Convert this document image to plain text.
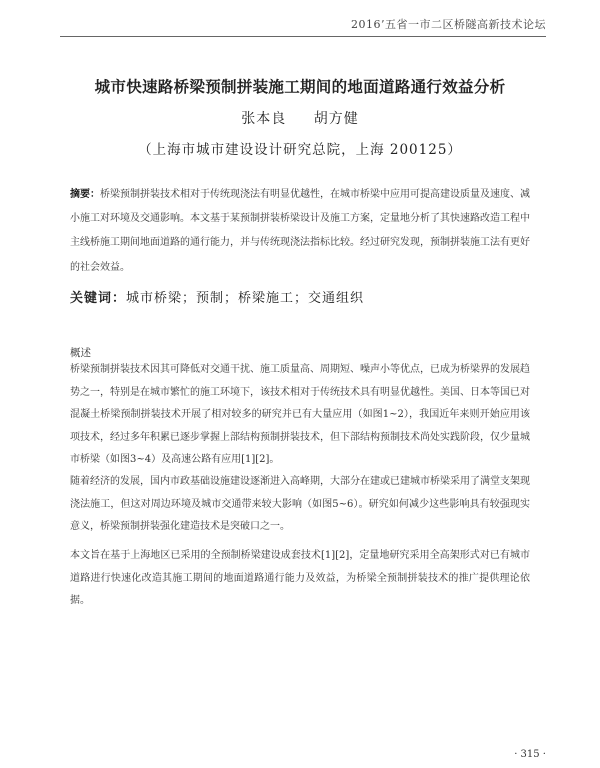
2016’五省一市二区桥隧高新技术论坛
城市快速路桥梁预制拼装施工期间的地面道路通行效益分析
张本良 胡方健
（上海市城市建设设计研究总院，上海 200125）
摘要：桥梁预制拼装技术相对于传统现浇法有明显优越性，在城市桥梁中应用可提高建设质量及速度、减小施工对环境及交通影响。本文基于某预制拼装桥梁设计及施工方案，定量地分析了其快速路改造工程中主线桥施工期间地面道路的通行能力，并与传统现浇法指标比较。经过研究发现，预制拼装施工法有更好的社会效益。
关键词：城市桥梁；预制；桥梁施工；交通组织
概述

桥梁预制拼装技术因其可降低对交通干扰、施工质量高、周期短、噪声小等优点，已成为桥梁界的发展趋势之一，特别是在城市繁忙的施工环境下，该技术相对于传统技术具有明显优越性。美国、日本等国已对混凝土桥梁预制拼装技术开展了相对较多的研究并已有大量应用（如图1~2），我国近年来则开始应用该项技术，经过多年积累已逐步掌握上部结构预制拼装技术，但下部结构预制技术尚处实践阶段，仅少量城市桥梁（如图3~4）及高速公路有应用[1][2]。

随着经济的发展，国内市政基础设施建设逐渐进入高峰期，大部分在建或已建城市桥梁采用了满堂支架现浇法施工，但这对周边环境及城市交通带来较大影响（如图5~6）。研究如何减少这些影响具有较强现实意义，桥梁预制拼装强化建造技术是突破口之一。

本文旨在基于上海地区已采用的全预制桥梁建设成套技术[1][2]，定量地研究采用全高架形式对已有城市道路进行快速化改造其施工期间的地面道路通行能力及效益，为桥梁全预制拼装技术的推广提供理论依据。

· 315 ·
